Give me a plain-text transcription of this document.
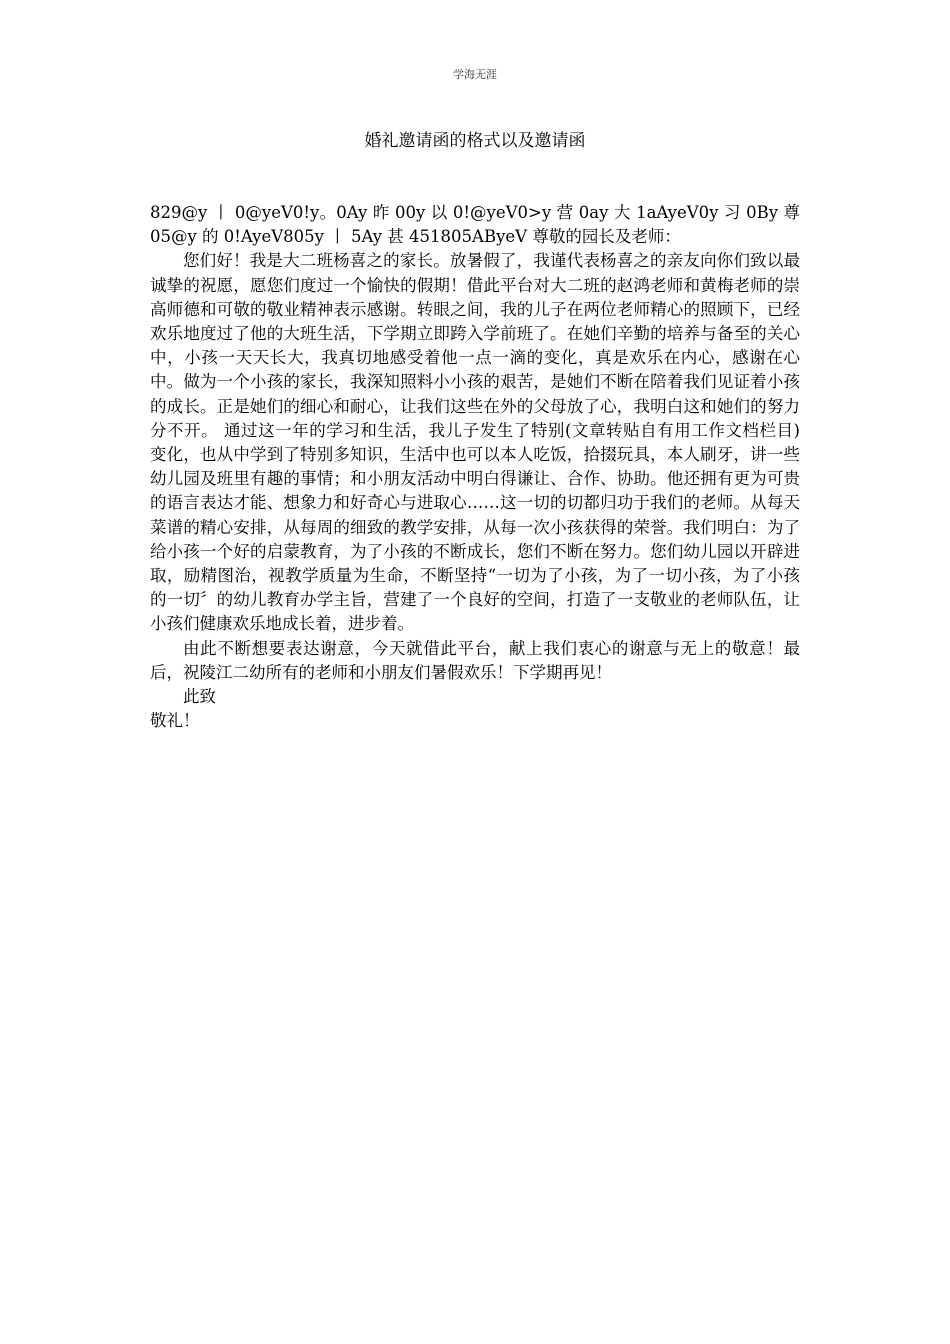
学海无涯
婚礼邀请函的格式以及邀请函

829@y 丨 0@yeV0!y。0Ay 昨 00y 以 0!@yeV0>y 营 0ay 大 1aAyeV0y 习 0By 尊 05@y 的 0!AyeV805y 丨 5Ay 甚 451805AByeV 尊敬的园长及老师：

您们好！我是大二班杨喜之的家长。放暑假了，我谨代表杨喜之的亲友向你们致以最诚挚的祝愿，愿您们度过一个愉快的假期！借此平台对大二班的赵鸿老师和黄梅老师的崇高师德和可敬的敬业精神表示感谢。转眼之间，我的儿子在两位老师精心的照顾下，已经欢乐地度过了他的大班生活，下学期立即跨入学前班了。在她们辛勤的培养与备至的关心中，小孩一天天长大，我真切地感受着他一点一滴的变化，真是欢乐在内心，感谢在心中。做为一个小孩的家长，我深知照料小小孩的艰苦，是她们不断在陪着我们见证着小孩的成长。正是她们的细心和耐心，让我们这些在外的父母放了心，我明白这和她们的努力分不开。 通过这一年的学习和生活，我儿子发生了特别(文章转贴自有用工作文档栏目) 变化，也从中学到了特别多知识，生活中也可以本人吃饭，拾掇玩具，本人刷牙，讲一些幼儿园及班里有趣的事情；和小朋友活动中明白得谦让、合作、协助。他还拥有更为可贵的语言表达才能、想象力和好奇心与进取心……这一切的切都归功于我们的老师。从每天菜谱的精心安排，从每周的细致的教学安排，从每一次小孩获得的荣誉。我们明白：为了给小孩一个好的启蒙教育，为了小孩的不断成长，您们不断在努力。您们幼儿园以开辟进取，励精图治，视教学质量为生命，不断坚持“一切为了小孩，为了一切小孩，为了小孩的一切〞的幼儿教育办学主旨，营建了一个良好的空间，打造了一支敬业的老师队伍，让小孩们健康欢乐地成长着，进步着。

由此不断想要表达谢意，今天就借此平台，献上我们衷心的谢意与无上的敬意！最后，祝陵江二幼所有的老师和小朋友们暑假欢乐！下学期再见！

此致

敬礼！
